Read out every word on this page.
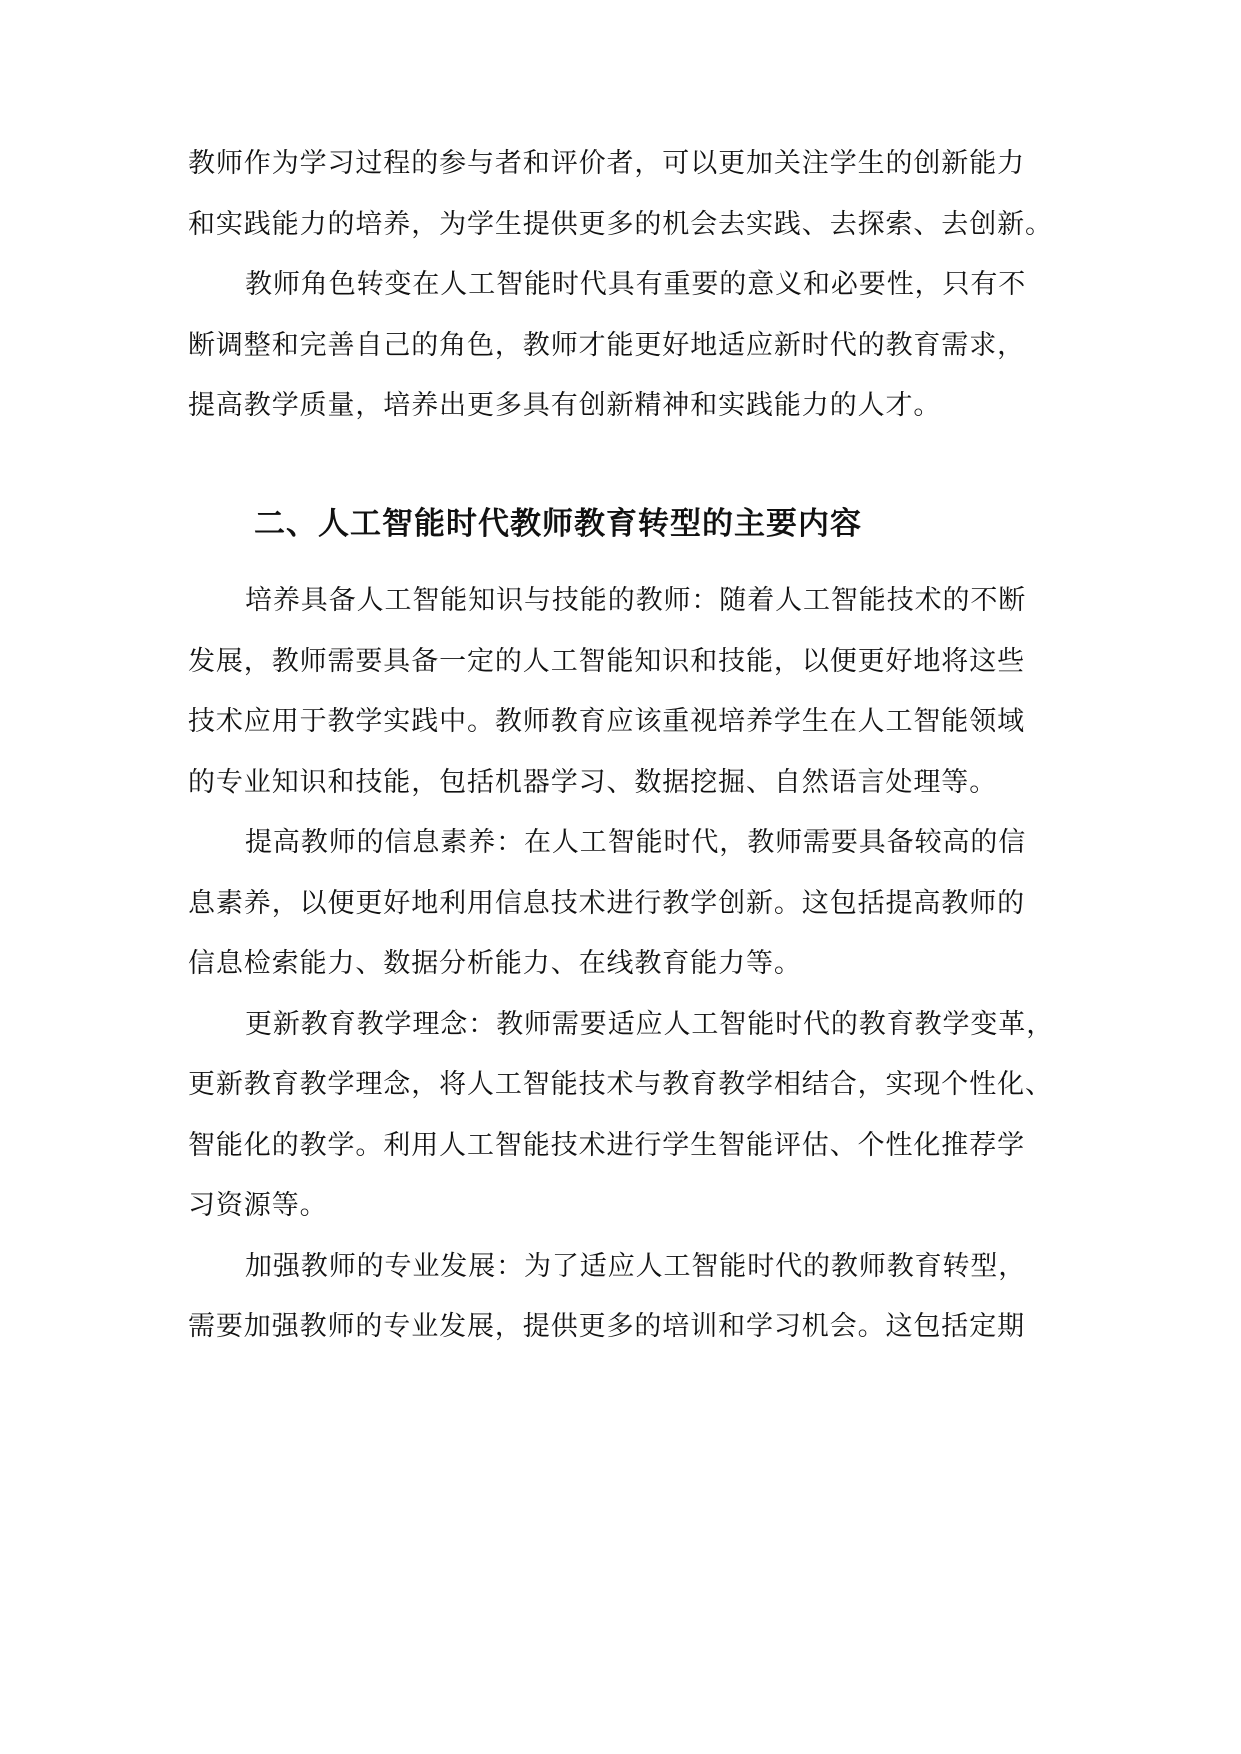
教师作为学习过程的参与者和评价者，可以更加关注学生的创新能力
和实践能力的培养，为学生提供更多的机会去实践、去探索、去创新。
教师角色转变在人工智能时代具有重要的意义和必要性，只有不
断调整和完善自己的角色，教师才能更好地适应新时代的教育需求，
提高教学质量，培养出更多具有创新精神和实践能力的人才。
二、人工智能时代教师教育转型的主要内容
培养具备人工智能知识与技能的教师：随着人工智能技术的不断
发展，教师需要具备一定的人工智能知识和技能，以便更好地将这些
技术应用于教学实践中。教师教育应该重视培养学生在人工智能领域
的专业知识和技能，包括机器学习、数据挖掘、自然语言处理等。
提高教师的信息素养：在人工智能时代，教师需要具备较高的信
息素养，以便更好地利用信息技术进行教学创新。这包括提高教师的
信息检索能力、数据分析能力、在线教育能力等。
更新教育教学理念：教师需要适应人工智能时代的教育教学变革，
更新教育教学理念，将人工智能技术与教育教学相结合，实现个性化、
智能化的教学。利用人工智能技术进行学生智能评估、个性化推荐学
习资源等。
加强教师的专业发展：为了适应人工智能时代的教师教育转型，
需要加强教师的专业发展，提供更多的培训和学习机会。这包括定期
